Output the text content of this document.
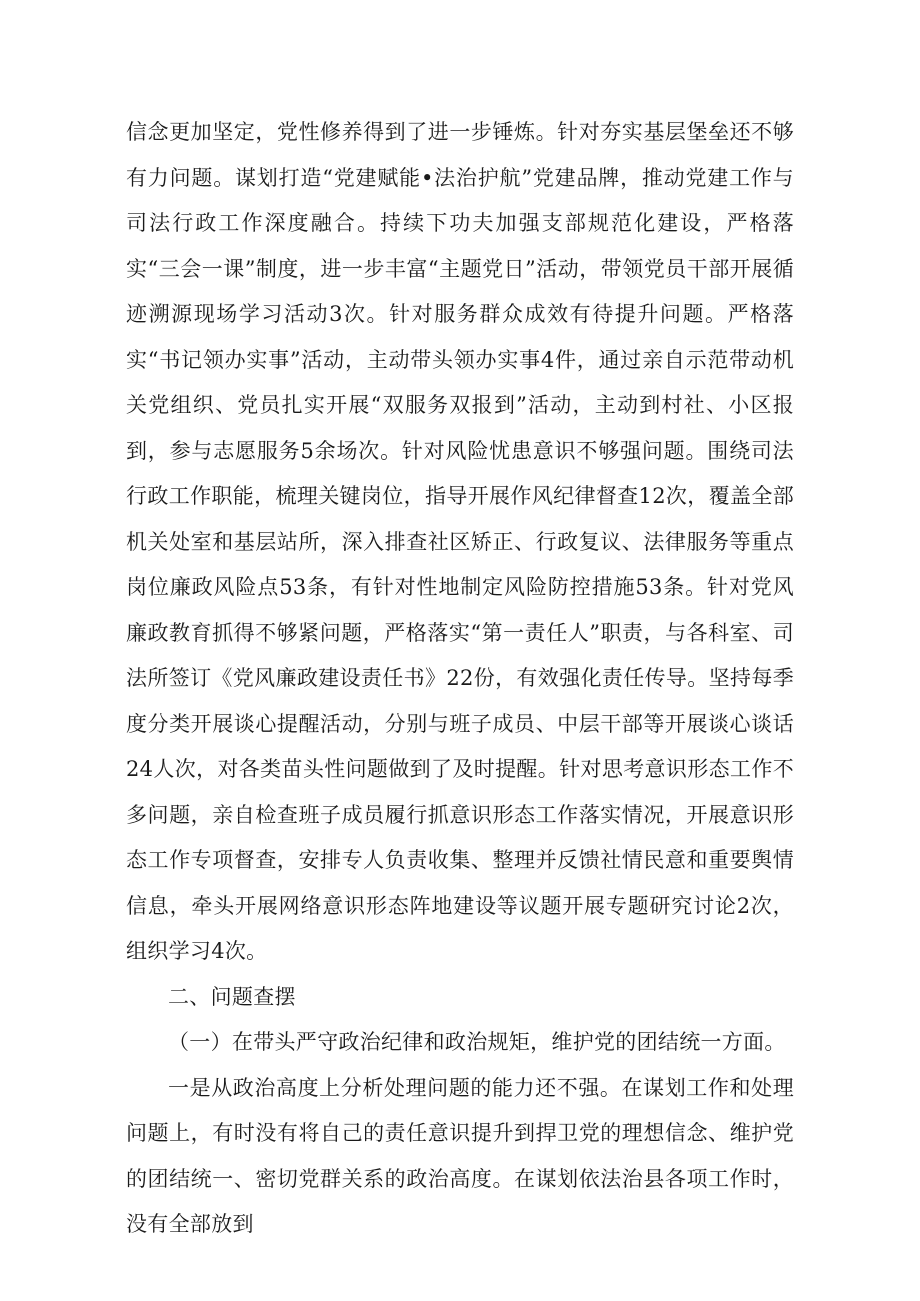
信念更加坚定，党性修养得到了进一步锤炼。针对夯实基层堡垒还不够有力问题。谋划打造“党建赋能•法治护航”党建品牌，推动党建工作与司法行政工作深度融合。持续下功夫加强支部规范化建设，严格落实“三会一课”制度，进一步丰富“主题党日”活动，带领党员干部开展循迹溯源现场学习活动3次。针对服务群众成效有待提升问题。严格落实“书记领办实事”活动，主动带头领办实事4件，通过亲自示范带动机关党组织、党员扎实开展“双服务双报到”活动，主动到村社、小区报到，参与志愿服务5余场次。针对风险忧患意识不够强问题。围绕司法行政工作职能，梳理关键岗位，指导开展作风纪律督查12次，覆盖全部机关处室和基层站所，深入排查社区矫正、行政复议、法律服务等重点岗位廉政风险点53条，有针对性地制定风险防控措施53条。针对党风廉政教育抓得不够紧问题，严格落实“第一责任人”职责，与各科室、司法所签订《党风廉政建设责任书》22份，有效强化责任传导。坚持每季度分类开展谈心提醒活动，分别与班子成员、中层干部等开展谈心谈话24人次，对各类苗头性问题做到了及时提醒。针对思考意识形态工作不多问题，亲自检查班子成员履行抓意识形态工作落实情况，开展意识形态工作专项督查，安排专人负责收集、整理并反馈社情民意和重要舆情信息，牵头开展网络意识形态阵地建设等议题开展专题研究讨论2次，组织学习4次。

二、问题查摆

（一）在带头严守政治纪律和政治规矩，维护党的团结统一方面。

一是从政治高度上分析处理问题的能力还不强。在谋划工作和处理问题上，有时没有将自己的责任意识提升到捍卫党的理想信念、维护党的团结统一、密切党群关系的政治高度。在谋划依法治县各项工作时，没有全部放到
